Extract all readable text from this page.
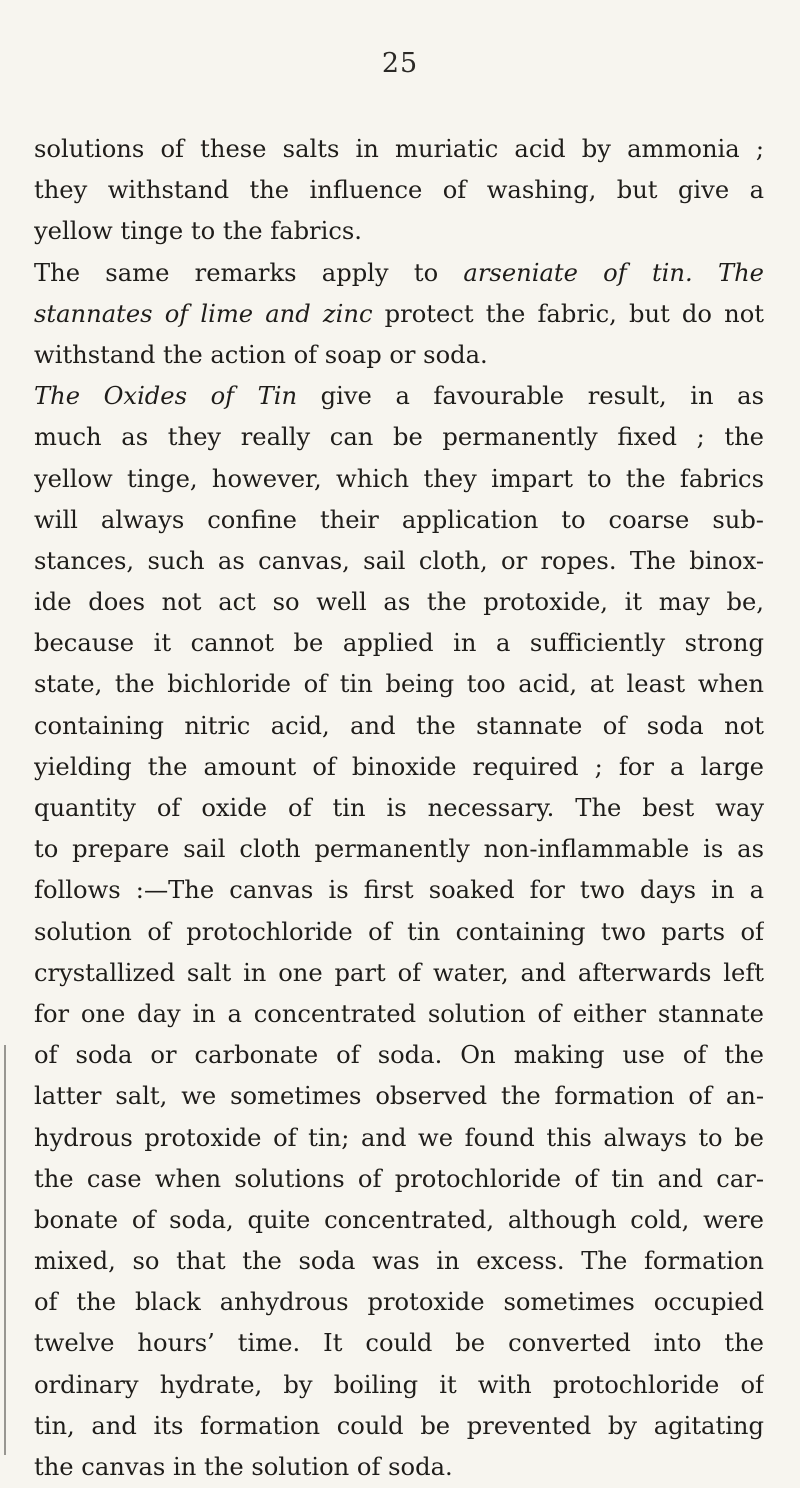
25
solutions of these salts in muriatic acid by ammonia ;
they withstand the influence of washing, but give a
yellow tinge to the fabrics.
The same remarks apply to arseniate of tin. The
stannates of lime and zinc protect the fabric, but do not
withstand the action of soap or soda.
The Oxides of Tin give a favourable result, in as
much as they really can be permanently fixed ; the
yellow tinge, however, which they impart to the fabrics
will always confine their application to coarse sub-
stances, such as canvas, sail cloth, or ropes. The binox-
ide does not act so well as the protoxide, it may be,
because it cannot be applied in a sufficiently strong
state, the bichloride of tin being too acid, at least when
containing nitric acid, and the stannate of soda not
yielding the amount of binoxide required ; for a large
quantity of oxide of tin is necessary. The best way
to prepare sail cloth permanently non-inflammable is as
follows :—The canvas is first soaked for two days in a
solution of protochloride of tin containing two parts of
crystallized salt in one part of water, and afterwards left
for one day in a concentrated solution of either stannate
of soda or carbonate of soda. On making use of the
latter salt, we sometimes observed the formation of an-
hydrous protoxide of tin; and we found this always to be
the case when solutions of protochloride of tin and car-
bonate of soda, quite concentrated, although cold, were
mixed, so that the soda was in excess. The formation
of the black anhydrous protoxide sometimes occupied
twelve hours’ time. It could be converted into the
ordinary hydrate, by boiling it with protochloride of
tin, and its formation could be prevented by agitating
the canvas in the solution of soda.
